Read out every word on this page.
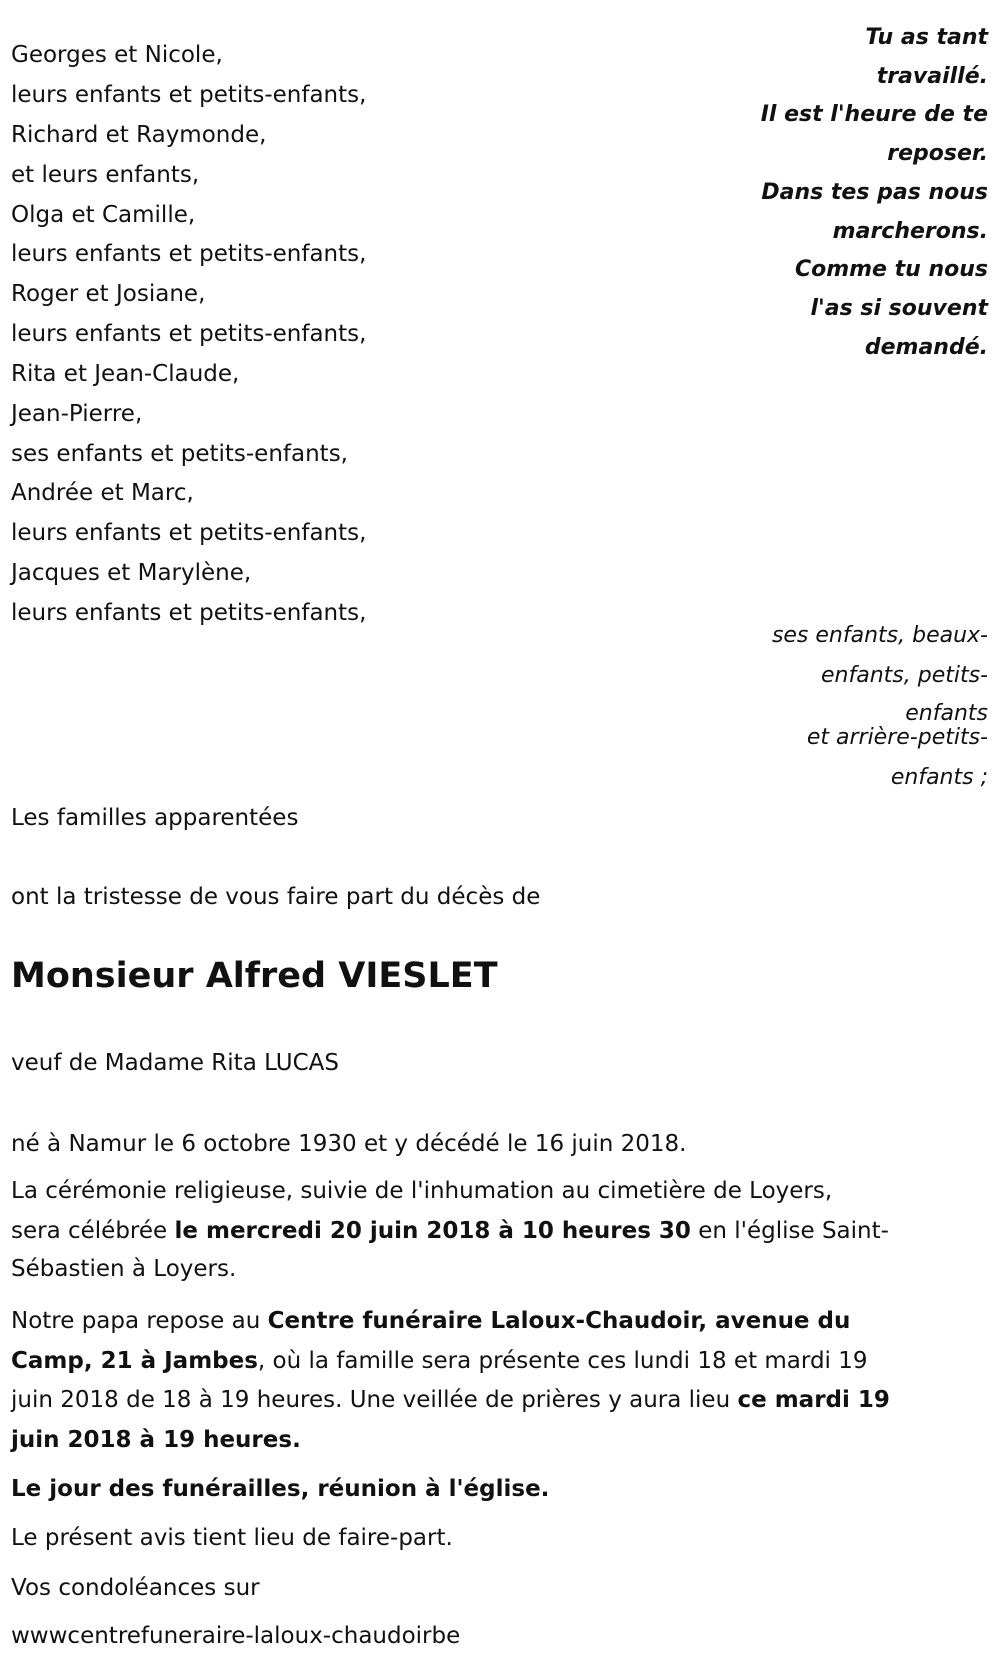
Georges et Nicole,
leurs enfants et petits-enfants,
Richard et Raymonde,
et leurs enfants,
Olga et Camille,
leurs enfants et petits-enfants,
Roger et Josiane,
leurs enfants et petits-enfants,
Rita et Jean-Claude,
Jean-Pierre,
ses enfants et petits-enfants,
Andrée et Marc,
leurs enfants et petits-enfants,
Jacques et Marylène,
leurs enfants et petits-enfants,
Tu as tant
travaillé.
Il est l'heure de te
reposer.
Dans tes pas nous
marcherons.
Comme tu nous
l'as si souvent
demandé.
ses enfants, beaux-
enfants, petits-
enfants
et arrière-petits-
enfants ;
Les familles apparentées
ont la tristesse de vous faire part du décès de
Monsieur Alfred VIESLET
veuf de Madame Rita LUCAS
né à Namur le 6 octobre 1930 et y décédé le 16 juin 2018.
La cérémonie religieuse, suivie de l'inhumation au cimetière de Loyers,
sera célébrée le mercredi 20 juin 2018 à 10 heures 30 en l'église Saint-
Sébastien à Loyers.
Notre papa repose au Centre funéraire Laloux-Chaudoir, avenue du
Camp, 21 à Jambes, où la famille sera présente ces lundi 18 et mardi 19
juin 2018 de 18 à 19 heures. Une veillée de prières y aura lieu ce mardi 19
juin 2018 à 19 heures.
Le jour des funérailles, réunion à l'église.
Le présent avis tient lieu de faire-part.
Vos condoléances sur
wwwcentrefuneraire-laloux-chaudoirbe
